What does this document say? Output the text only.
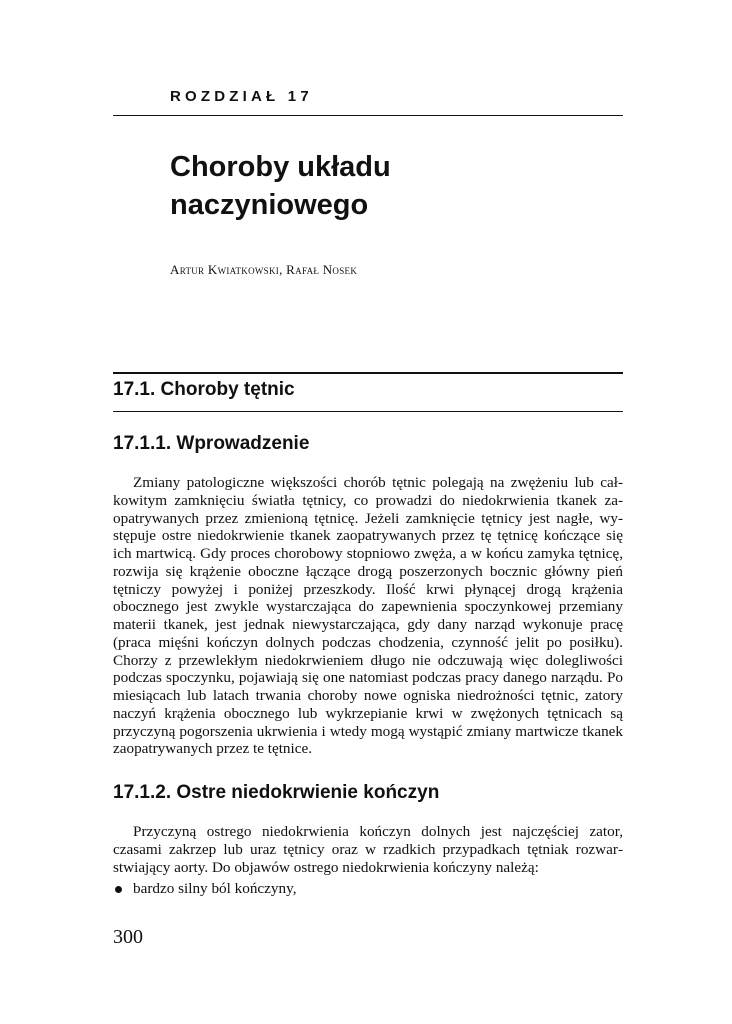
ROZDZIAŁ 17
Choroby układu
naczyniowego
Artur Kwiatkowski, Rafał Nosek
17.1. Choroby tętnic
17.1.1. Wprowadzenie

Zmiany patologiczne większości chorób tętnic polegają na zwężeniu lub całkowitym zamknięciu światła tętnicy, co prowadzi do niedokrwienia tkanek zaopatrywanych przez zmienioną tętnicę. Jeżeli zamknięcie tętnicy jest nagłe, występuje ostre niedokrwienie tkanek zaopatrywanych przez tę tętnicę kończące się ich martwicą. Gdy proces chorobowy stopniowo zwęża, a w końcu zamyka tętnicę, rozwija się krążenie oboczne łączące drogą poszerzonych bocznic główny pień tętniczy powyżej i poniżej przeszkody. Ilość krwi płynącej drogą krążenia obocznego jest zwykle wystarczająca do zapewnienia spoczynkowej przemiany materii tkanek, jest jednak niewystarczająca, gdy dany narząd wykonuje pracę (praca mięśni kończyn dolnych podczas chodzenia, czynność jelit po posiłku). Chorzy z przewlekłym niedokrwieniem długo nie odczuwają więc dolegliwości podczas spoczynku, pojawiają się one natomiast podczas pracy danego narządu. Po miesiącach lub latach trwania choroby nowe ogniska niedrożności tętnic, zatory naczyń krążenia obocznego lub wykrzepianie krwi w zwężonych tętnicach są przyczyną pogorszenia ukrwienia i wtedy mogą wystąpić zmiany martwicze tkanek zaopatrywanych przez te tętnice.

17.1.2. Ostre niedokrwienie kończyn

Przyczyną ostrego niedokrwienia kończyn dolnych jest najczęściej zator, czasami zakrzep lub uraz tętnicy oraz w rzadkich przypadkach tętniak rozwarstwiający aorty. Do objawów ostrego niedokrwienia kończyny należą:

bardzo silny ból kończyny,
300
